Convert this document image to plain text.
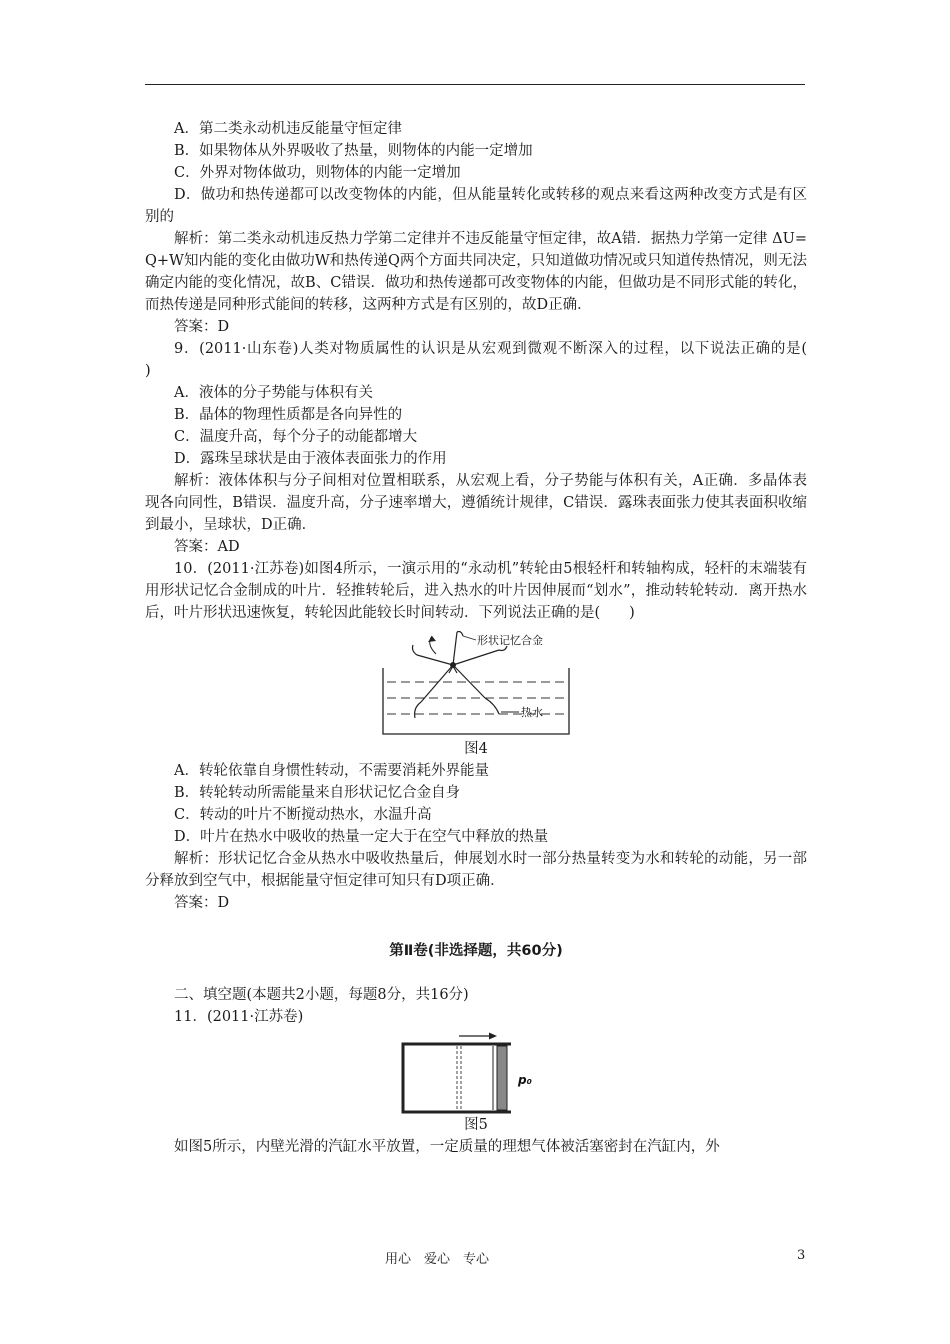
A．第二类永动机违反能量守恒定律

B．如果物体从外界吸收了热量，则物体的内能一定增加

C．外界对物体做功，则物体的内能一定增加

D．做功和热传递都可以改变物体的内能，但从能量转化或转移的观点来看这两种改变方式是有区别的

解析：第二类永动机违反热力学第二定律并不违反能量守恒定律，故A错．据热力学第一定律 ΔU=Q+W知内能的变化由做功W和热传递Q两个方面共同决定，只知道做功情况或只知道传热情况，则无法确定内能的变化情况，故B、C错误．做功和热传递都可改变物体的内能，但做功是不同形式能的转化，而热传递是同种形式能间的转移，这两种方式是有区别的，故D正确．

答案：D

9．(2011·山东卷)人类对物质属性的认识是从宏观到微观不断深入的过程，以下说法正确的是(　　)

A．液体的分子势能与体积有关

B．晶体的物理性质都是各向异性的

C．温度升高，每个分子的动能都增大

D．露珠呈球状是由于液体表面张力的作用

解析：液体体积与分子间相对位置相联系，从宏观上看，分子势能与体积有关，A正确．多晶体表现各向同性，B错误．温度升高，分子速率增大，遵循统计规律，C错误．露珠表面张力使其表面积收缩到最小，呈球状，D正确．

答案：AD

10．(2011·江苏卷)如图4所示，一演示用的“永动机”转轮由5根轻杆和转轴构成，轻杆的末端装有用形状记忆合金制成的叶片．轻推转轮后，进入热水的叶片因伸展而“划水”，推动转轮转动．离开热水后，叶片形状迅速恢复，转轮因此能较长时间转动．下列说法正确的是(　　)

形状记忆合金
热水

图4

A．转轮依靠自身惯性转动，不需要消耗外界能量

B．转轮转动所需能量来自形状记忆合金自身

C．转动的叶片不断搅动热水，水温升高

D．叶片在热水中吸收的热量一定大于在空气中释放的热量

解析：形状记忆合金从热水中吸收热量后，伸展划水时一部分热量转变为水和转轮的动能，另一部分释放到空气中，根据能量守恒定律可知只有D项正确．

答案：D

第Ⅱ卷(非选择题，共60分)

二、填空题(本题共2小题，每题8分，共16分)

11．(2011·江苏卷)

p₀

图5

如图5所示，内壁光滑的汽缸水平放置，一定质量的理想气体被活塞密封在汽缸内，外

用心　爱心　专心	3
